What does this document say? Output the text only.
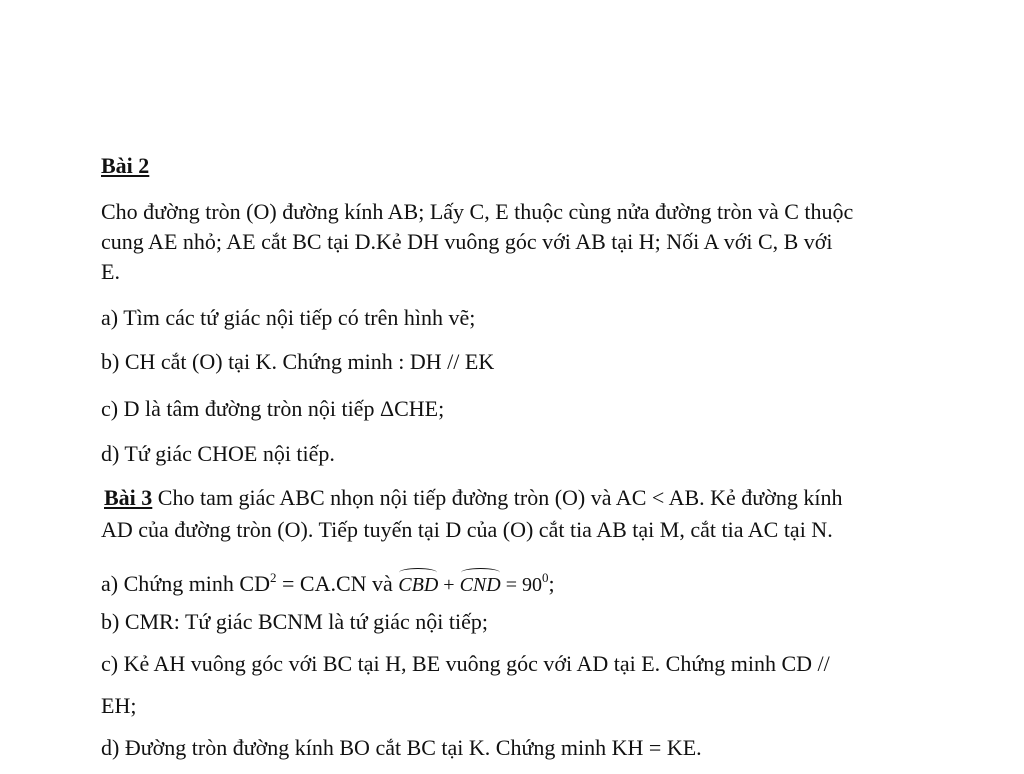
Bài 2
Cho đường tròn (O) đường kính AB; Lấy C, E thuộc cùng nửa đường tròn và C thuộc
cung AE nhỏ; AE cắt BC tại D.Kẻ DH vuông góc với AB tại H; Nối A với C, B với
E.
a) Tìm các tứ giác nội tiếp có trên hình vẽ;
b) CH cắt (O) tại K. Chứng minh : DH // EK
c) D là tâm đường tròn nội tiếp ΔCHE;
d) Tứ giác CHOE nội tiếp.
Bài 3 Cho tam giác ABC nhọn nội tiếp đường tròn (O) và AC < AB. Kẻ đường kính
AD của đường tròn (O). Tiếp tuyến tại D của (O) cắt tia AB tại M, cắt tia AC tại N.
a) Chứng minh $CD^2 = CA.CN$ và CBD + CND = $90^0$;
b) CMR: Tứ giác BCNM là tứ giác nội tiếp;
c) Kẻ AH vuông góc với BC tại H, BE vuông góc với AD tại E. Chứng minh CD //
EH;
d) Đường tròn đường kính BO cắt BC tại K. Chứng minh KH = KE.
